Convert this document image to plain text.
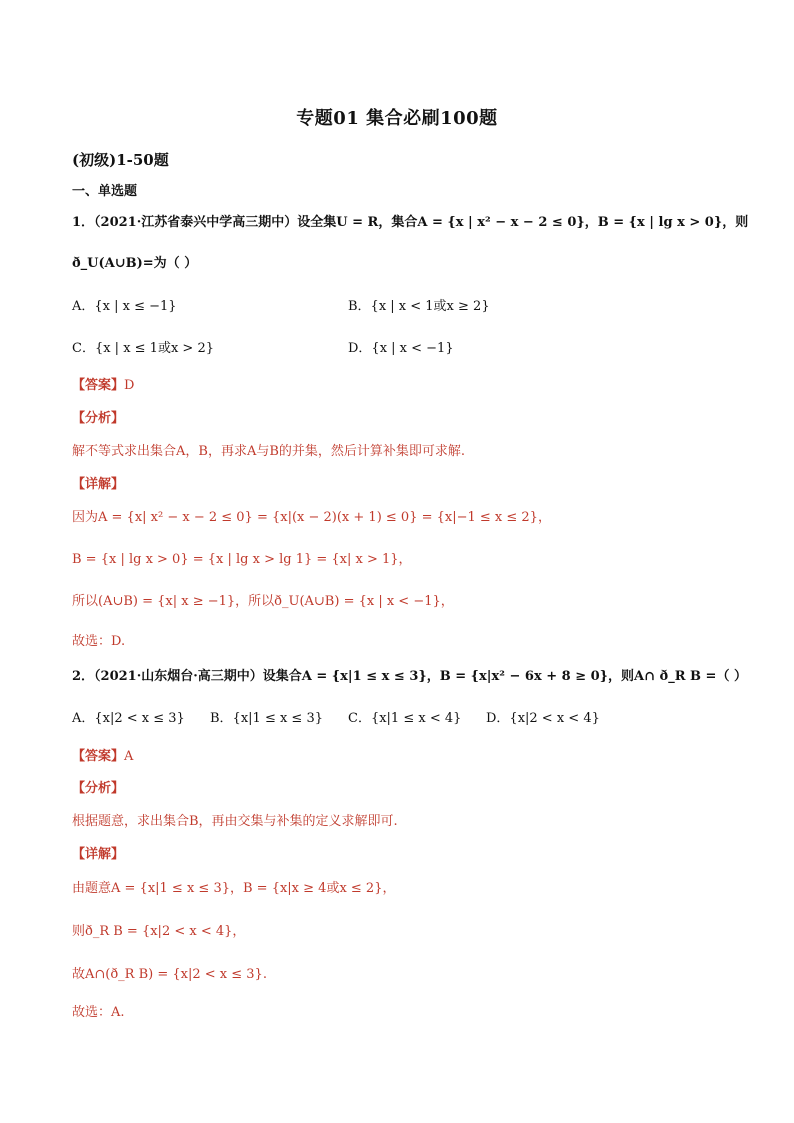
专题01 集合必刷100题
(初级)1-50题
一、单选题
1．（2021·江苏省泰兴中学高三期中）设全集U = R，集合A = {x | x² − x − 2 ≤ 0}，B = {x | lg x > 0}，则
ð_U(A∪B)=为（ ）
A．{x | x ≤ −1}	B．{x | x < 1或x ≥ 2}
C．{x | x ≤ 1或x > 2}	D．{x | x < −1}
【答案】D
【分析】
解不等式求出集合A，B，再求A与B的并集，然后计算补集即可求解.
【详解】
因为A = {x| x² − x − 2 ≤ 0} = {x|(x − 2)(x + 1) ≤ 0} = {x|−1 ≤ x ≤ 2}，
B = {x | lg x > 0} = {x | lg x > lg 1} = {x| x > 1}，
所以(A∪B) = {x| x ≥ −1}，所以ð_U(A∪B) = {x | x < −1}，
故选：D.
2．（2021·山东烟台·高三期中）设集合A = {x|1 ≤ x ≤ 3}，B = {x|x² − 6x + 8 ≥ 0}，则A∩ ð_R B =（ ）
A．{x|2 < x ≤ 3} B．{x|1 ≤ x ≤ 3} C．{x|1 ≤ x < 4} D．{x|2 < x < 4}
【答案】A
【分析】
根据题意，求出集合B，再由交集与补集的定义求解即可.
【详解】
由题意A = {x|1 ≤ x ≤ 3}，B = {x|x ≥ 4或x ≤ 2}，
则ð_R B = {x|2 < x < 4}，
故A∩(ð_R B) = {x|2 < x ≤ 3}.
故选：A.
